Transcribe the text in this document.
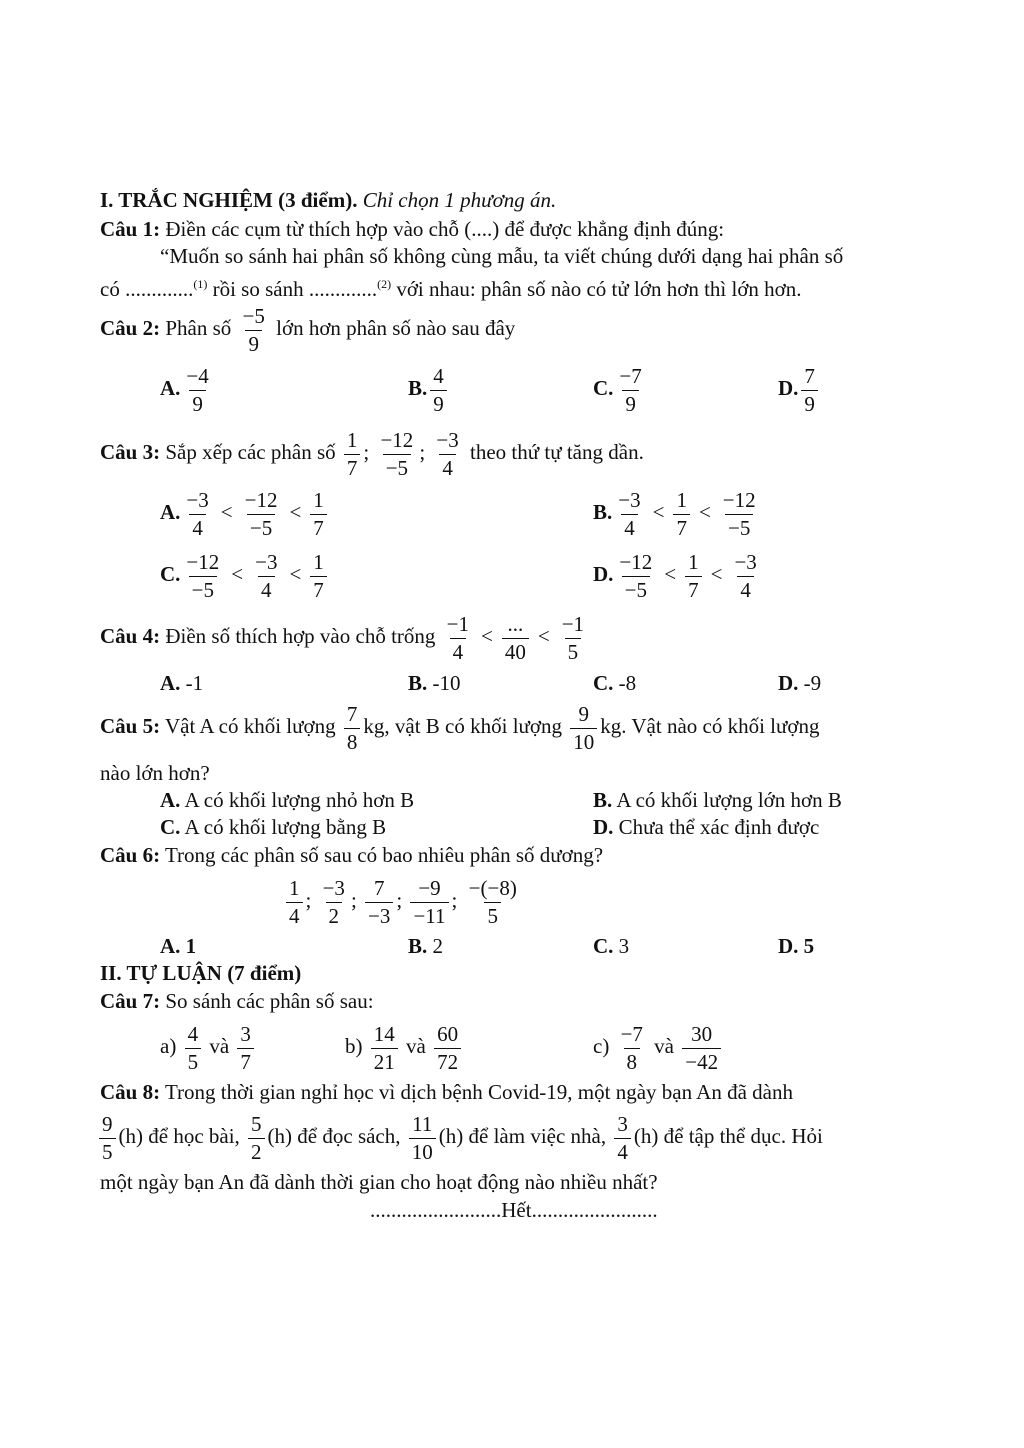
I. TRẮC NGHIỆM (3 điểm). Chỉ chọn 1 phương án.
Câu 1: Điền các cụm từ thích hợp vào chỗ (....) để được khẳng định đúng:
“Muốn so sánh hai phân số không cùng mẫu, ta viết chúng dưới dạng hai phân số
có .............$^{(1)}$ rồi so sánh .............$^{(2)}$ với nhau: phân số nào có tử lớn hơn thì lớn hơn.
Câu 2: Phân số $\frac{-5}{9}$ lớn hơn phân số nào sau đây
A. $\frac{-4}{9}$	B. $\frac{4}{9}$	C. $\frac{-7}{9}$	D. $\frac{7}{9}$
Câu 3: Sắp xếp các phân số $\frac{1}{7}$ ; $\frac{-12}{-5}$ ; $\frac{-3}{4}$ theo thứ tự tăng dần.
A. $\frac{-3}{4} < \frac{-12}{-5} < \frac{1}{7}$	B. $\frac{-3}{4} < \frac{1}{7} < \frac{-12}{-5}$
C. $\frac{-12}{-5} < \frac{-3}{4} < \frac{1}{7}$	D. $\frac{-12}{-5} < \frac{1}{7} < \frac{-3}{4}$
Câu 4: Điền số thích hợp vào chỗ trống $\frac{-1}{4} < \frac{...}{40} < \frac{-1}{5}$
A. -1	B. -10	C. -8	D. -9
Câu 5: Vật A có khối lượng $\frac{7}{8}$ kg, vật B có khối lượng $\frac{9}{10}$ kg. Vật nào có khối lượng
nào lớn hơn?
A. A có khối lượng nhỏ hơn B	B. A có khối lượng lớn hơn B
C. A có khối lượng bằng B	D. Chưa thể xác định được
Câu 6: Trong các phân số sau có bao nhiêu phân số dương?
$\frac{1}{4}$ ; $\frac{-3}{2}$ ; $\frac{7}{-3}$ ; $\frac{-9}{-11}$ ; $\frac{-(-8)}{5}$
A. 1	B. 2	C. 3	D. 5
II. TỰ LUẬN (7 điểm)
Câu 7: So sánh các phân số sau:
$a) \frac{4}{5}$ và $\frac{3}{7}$	$b) \frac{14}{21}$ và $\frac{60}{72}$	$c) \frac{-7}{8}$ và $\frac{30}{-42}$
Câu 8: Trong thời gian nghỉ học vì dịch bệnh Covid-19, một ngày bạn An đã dành
$\frac{9}{5} (h)$ để học bài, $\frac{5}{2} (h)$ để đọc sách, $\frac{11}{10} (h)$ để làm việc nhà, $\frac{3}{4} (h)$ để tập thể dục. Hỏi
một ngày bạn An đã dành thời gian cho hoạt động nào nhiều nhất?
.........................Hết........................
